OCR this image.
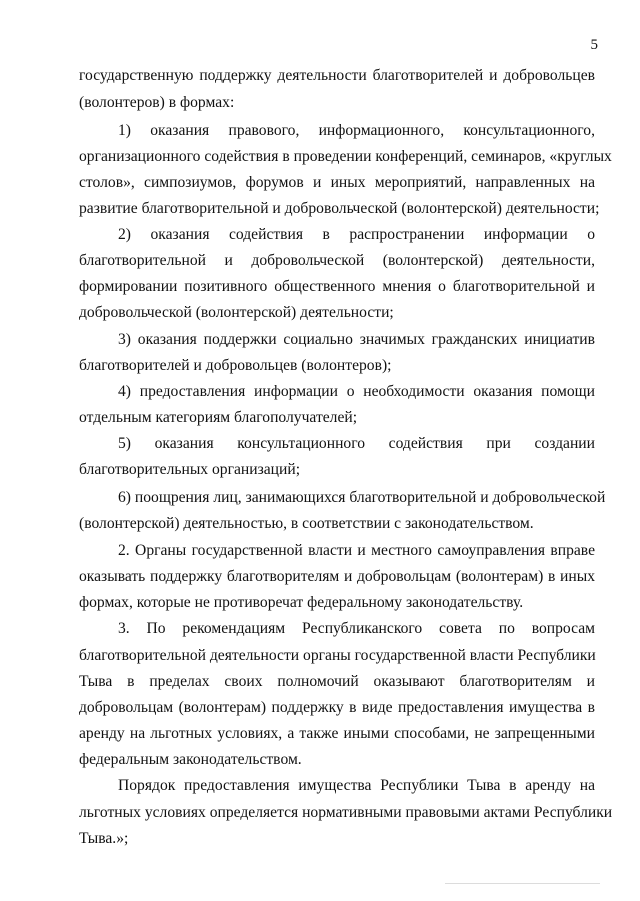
5
государственную поддержку деятельности благотворителей и добровольцев
(волонтеров) в формах:
1) оказания правового, информационного, консультационного,
организационного содействия в проведении конференций, семинаров, «круглых
столов», симпозиумов, форумов и иных мероприятий, направленных на
развитие благотворительной и добровольческой (волонтерской) деятельности;
2) оказания содействия в распространении информации о
благотворительной и добровольческой (волонтерской) деятельности,
формировании позитивного общественного мнения о благотворительной и
добровольческой (волонтерской) деятельности;
3) оказания поддержки социально значимых гражданских инициатив
благотворителей и добровольцев (волонтеров);
4) предоставления информации о необходимости оказания помощи
отдельным категориям благополучателей;
5) оказания консультационного содействия при создании
благотворительных организаций;
6) поощрения лиц, занимающихся благотворительной и добровольческой
(волонтерской) деятельностью, в соответствии с законодательством.
2. Органы государственной власти и местного самоуправления вправе
оказывать поддержку благотворителям и добровольцам (волонтерам) в иных
формах, которые не противоречат федеральному законодательству.
3. По рекомендациям Республиканского совета по вопросам
благотворительной деятельности органы государственной власти Республики
Тыва в пределах своих полномочий оказывают благотворителям и
добровольцам (волонтерам) поддержку в виде предоставления имущества в
аренду на льготных условиях, а также иными способами, не запрещенными
федеральным законодательством.
Порядок предоставления имущества Республики Тыва в аренду на
льготных условиях определяется нормативными правовыми актами Республики
Тыва.»;
